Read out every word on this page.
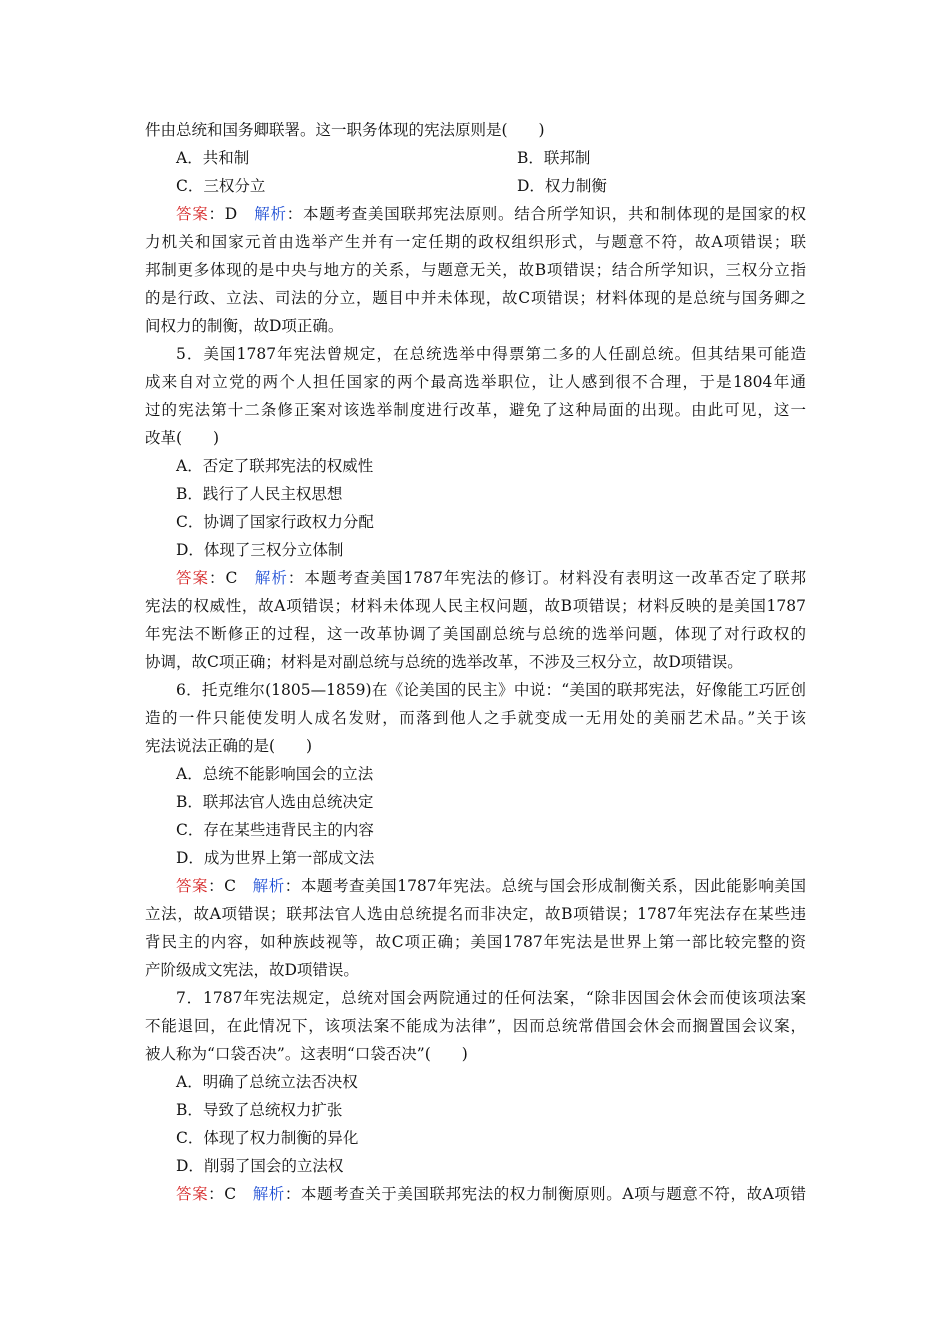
件由总统和国务卿联署。这一职务体现的宪法原则是(　　)
A．共和制	B．联邦制
C．三权分立	D．权力制衡
答案：D　解析：本题考查美国联邦宪法原则。结合所学知识，共和制体现的是国家的权
力机关和国家元首由选举产生并有一定任期的政权组织形式，与题意不符，故A项错误；联
邦制更多体现的是中央与地方的关系，与题意无关，故B项错误；结合所学知识，三权分立指
的是行政、立法、司法的分立，题目中并未体现，故C项错误；材料体现的是总统与国务卿之
间权力的制衡，故D项正确。
5．美国1787年宪法曾规定，在总统选举中得票第二多的人任副总统。但其结果可能造
成来自对立党的两个人担任国家的两个最高选举职位，让人感到很不合理，于是1804年通
过的宪法第十二条修正案对该选举制度进行改革，避免了这种局面的出现。由此可见，这一
改革(　　)
A．否定了联邦宪法的权威性
B．践行了人民主权思想
C．协调了国家行政权力分配
D．体现了三权分立体制
答案：C　解析：本题考查美国1787年宪法的修订。材料没有表明这一改革否定了联邦
宪法的权威性，故A项错误；材料未体现人民主权问题，故B项错误；材料反映的是美国1787
年宪法不断修正的过程，这一改革协调了美国副总统与总统的选举问题，体现了对行政权的
协调，故C项正确；材料是对副总统与总统的选举改革，不涉及三权分立，故D项错误。
6．托克维尔(1805—1859)在《论美国的民主》中说：“美国的联邦宪法，好像能工巧匠创
造的一件只能使发明人成名发财，而落到他人之手就变成一无用处的美丽艺术品。”关于该
宪法说法正确的是(　　)
A．总统不能影响国会的立法
B．联邦法官人选由总统决定
C．存在某些违背民主的内容
D．成为世界上第一部成文法
答案：C　解析：本题考查美国1787年宪法。总统与国会形成制衡关系，因此能影响美国
立法，故A项错误；联邦法官人选由总统提名而非决定，故B项错误；1787年宪法存在某些违
背民主的内容，如种族歧视等，故C项正确；美国1787年宪法是世界上第一部比较完整的资
产阶级成文宪法，故D项错误。
7．1787年宪法规定，总统对国会两院通过的任何法案，“除非因国会休会而使该项法案
不能退回，在此情况下，该项法案不能成为法律”，因而总统常借国会休会而搁置国会议案，
被人称为“口袋否决”。这表明“口袋否决”(　　)
A．明确了总统立法否决权
B．导致了总统权力扩张
C．体现了权力制衡的异化
D．削弱了国会的立法权
答案：C　解析：本题考查关于美国联邦宪法的权力制衡原则。A项与题意不符，故A项错
